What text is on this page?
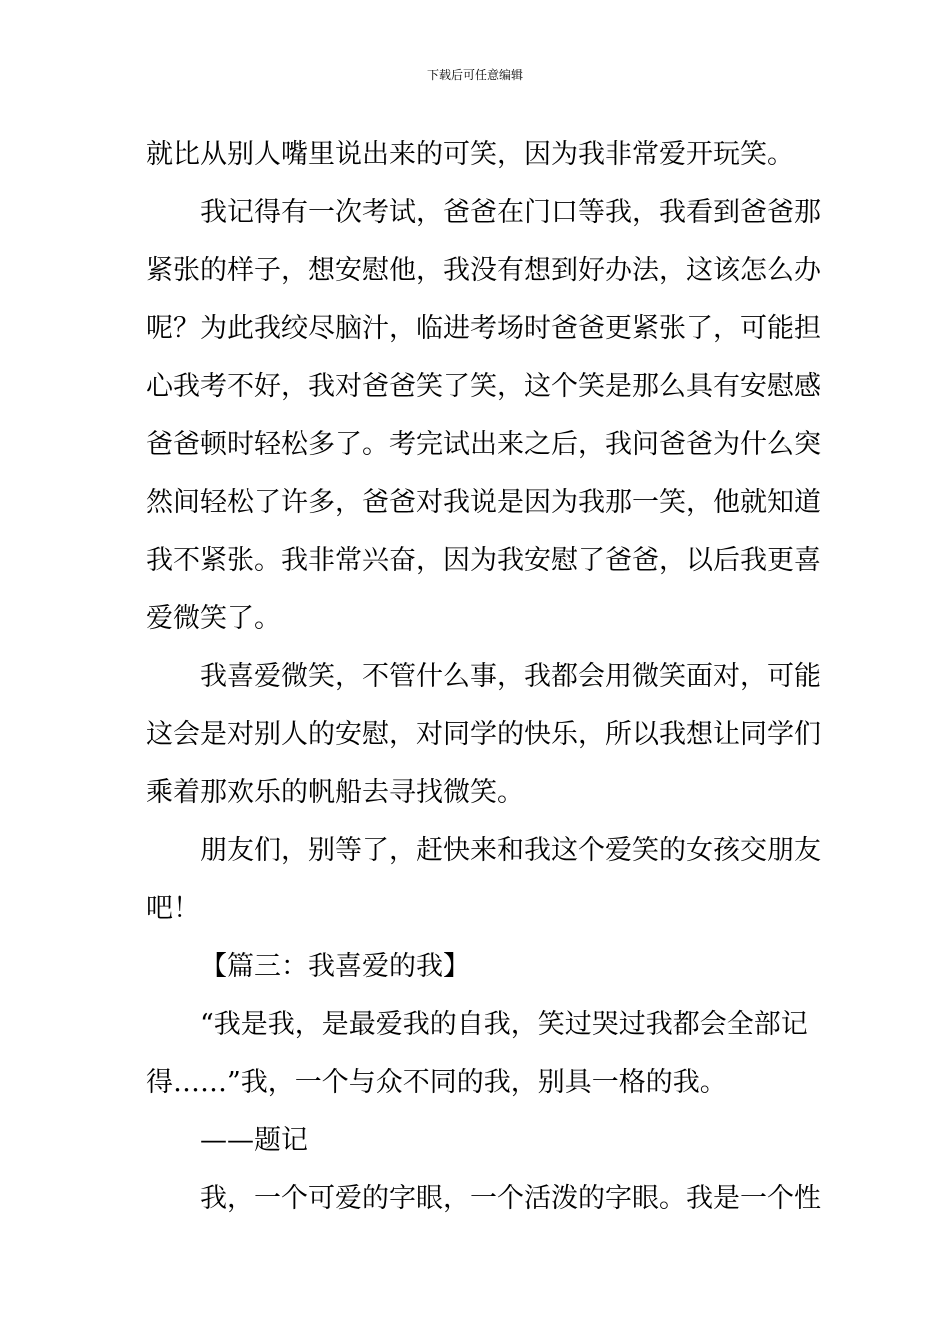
下载后可任意编辑
就比从别人嘴里说出来的可笑，因为我非常爱开玩笑。
我记得有一次考试，爸爸在门口等我，我看到爸爸那
紧张的样子，想安慰他，我没有想到好办法，这该怎么办
呢？为此我绞尽脑汁，临进考场时爸爸更紧张了，可能担
心我考不好，我对爸爸笑了笑，这个笑是那么具有安慰感
爸爸顿时轻松多了。考完试出来之后，我问爸爸为什么突
然间轻松了许多，爸爸对我说是因为我那一笑，他就知道
我不紧张。我非常兴奋，因为我安慰了爸爸，以后我更喜
爱微笑了。
我喜爱微笑，不管什么事，我都会用微笑面对，可能
这会是对别人的安慰，对同学的快乐，所以我想让同学们
乘着那欢乐的帆船去寻找微笑。
朋友们，别等了，赶快来和我这个爱笑的女孩交朋友
吧！
【篇三：我喜爱的我】
“我是我，是最爱我的自我，笑过哭过我都会全部记
得……”我，一个与众不同的我，别具一格的我。
——题记
我，一个可爱的字眼，一个活泼的字眼。我是一个性
